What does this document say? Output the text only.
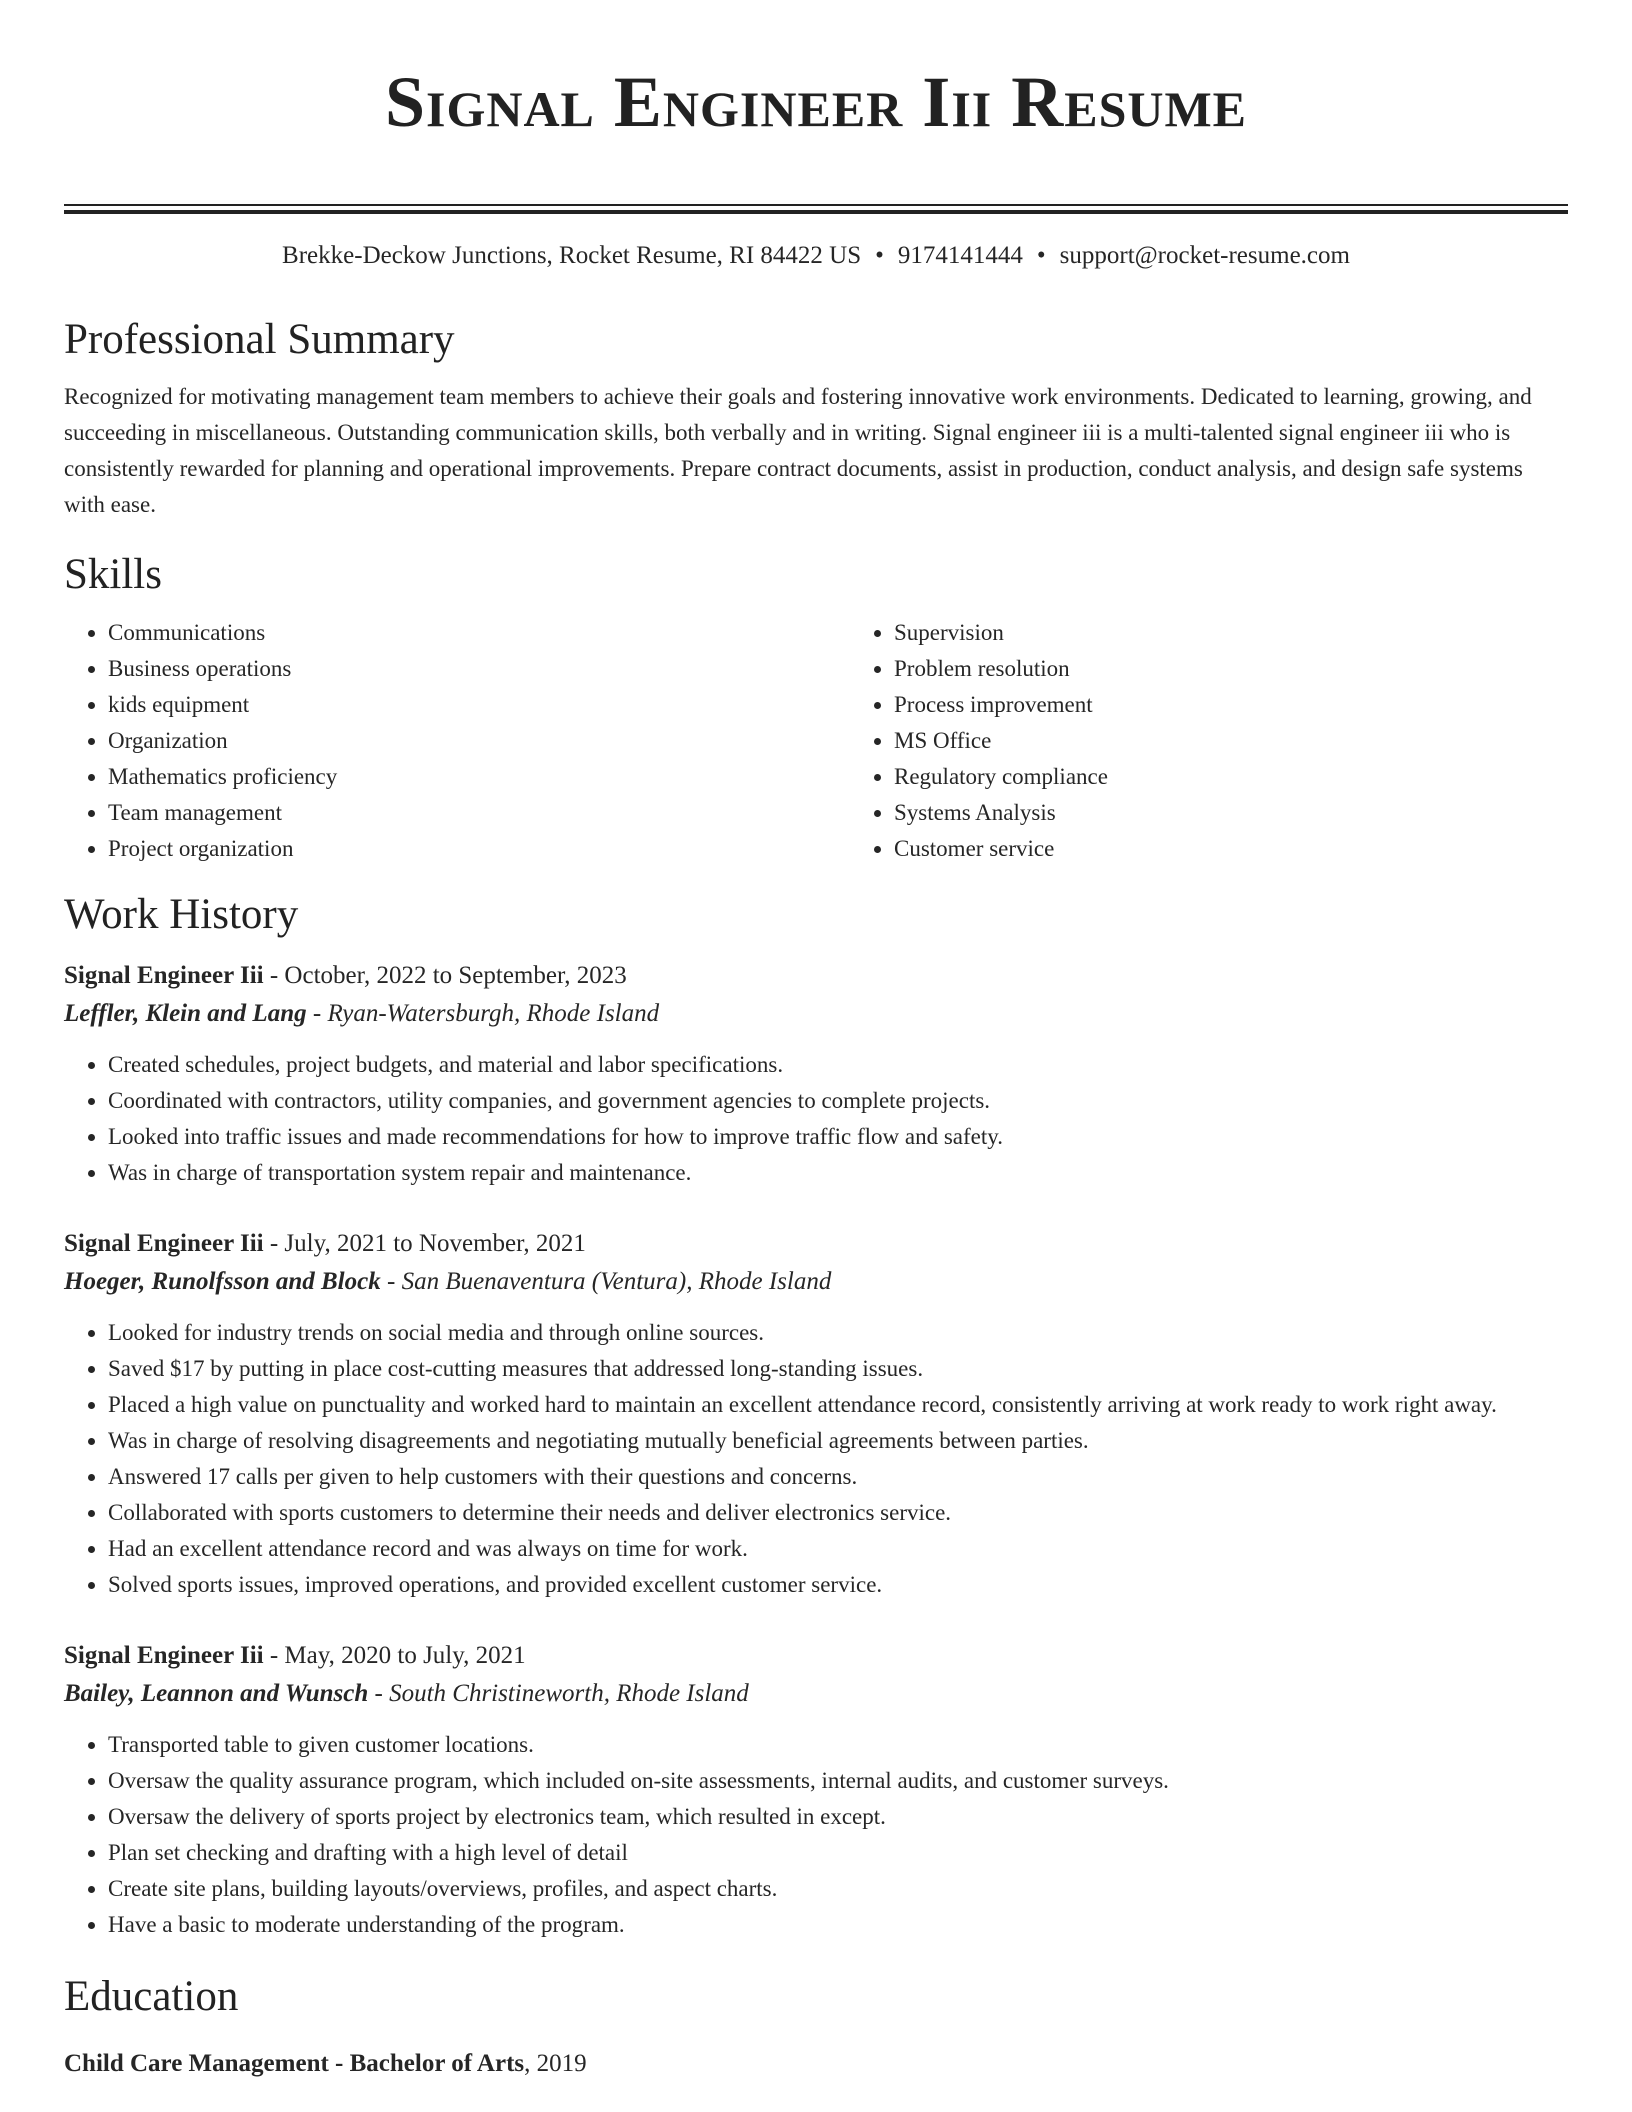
Signal Engineer Iii Resume
Brekke-Deckow Junctions, Rocket Resume, RI 84422 US • 9174141444 • support@rocket-resume.com
Professional Summary

Recognized for motivating management team members to achieve their goals and fostering innovative work environments. Dedicated to learning, growing, and succeeding in miscellaneous. Outstanding communication skills, both verbally and in writing. Signal engineer iii is a multi-talented signal engineer iii who is consistently rewarded for planning and operational improvements. Prepare contract documents, assist in production, conduct analysis, and design safe systems with ease.

Skills
• Communications
• Business operations
• kids equipment
• Organization
• Mathematics proficiency
• Team management
• Project organization
• Supervision
• Problem resolution
• Process improvement
• MS Office
• Regulatory compliance
• Systems Analysis
• Customer service
Work History
Signal Engineer Iii - October, 2022 to September, 2023
Leffler, Klein and Lang - Ryan-Watersburgh, Rhode Island
• Created schedules, project budgets, and material and labor specifications.
• Coordinated with contractors, utility companies, and government agencies to complete projects.
• Looked into traffic issues and made recommendations for how to improve traffic flow and safety.
• Was in charge of transportation system repair and maintenance.
Signal Engineer Iii - July, 2021 to November, 2021
Hoeger, Runolfsson and Block - San Buenaventura (Ventura), Rhode Island
• Looked for industry trends on social media and through online sources.
• Saved $17 by putting in place cost-cutting measures that addressed long-standing issues.
• Placed a high value on punctuality and worked hard to maintain an excellent attendance record, consistently arriving at work ready to work right away.
• Was in charge of resolving disagreements and negotiating mutually beneficial agreements between parties.
• Answered 17 calls per given to help customers with their questions and concerns.
• Collaborated with sports customers to determine their needs and deliver electronics service.
• Had an excellent attendance record and was always on time for work.
• Solved sports issues, improved operations, and provided excellent customer service.
Signal Engineer Iii - May, 2020 to July, 2021
Bailey, Leannon and Wunsch - South Christineworth, Rhode Island
• Transported table to given customer locations.
• Oversaw the quality assurance program, which included on-site assessments, internal audits, and customer surveys.
• Oversaw the delivery of sports project by electronics team, which resulted in except.
• Plan set checking and drafting with a high level of detail
• Create site plans, building layouts/overviews, profiles, and aspect charts.
• Have a basic to moderate understanding of the program.
Education
Child Care Management - Bachelor of Arts, 2019
